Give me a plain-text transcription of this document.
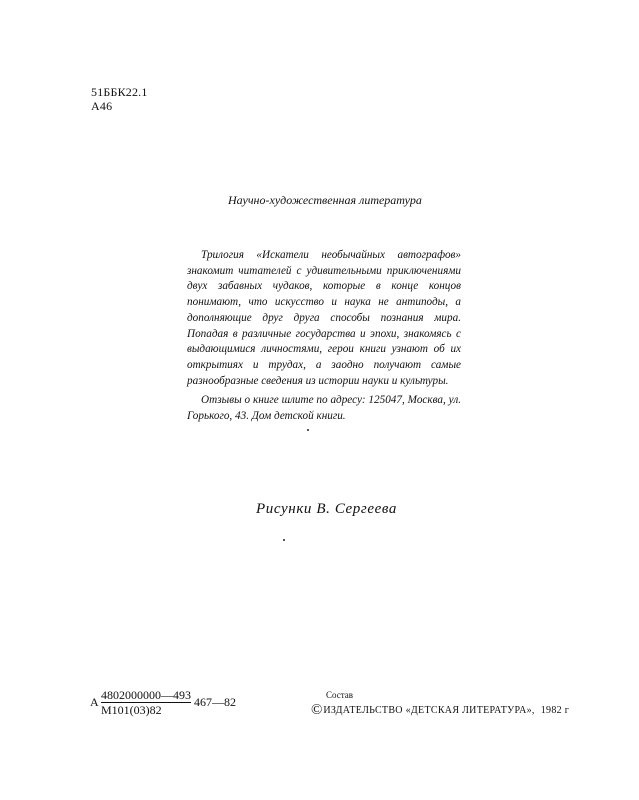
51ББК22.1
А46
Научно-художественная литература

Трилогия «Искатели необычайных автографов» знакомит читателей с удивительными приключениями двух забавных чудаков, которые в конце концов понимают, что искусство и наука не антиподы, а дополняющие друг друга способы познания мира. Попадая в различные государства и эпохи, знакомясь с выдающимися личностями, герои книги узнают об их открытиях и трудах, а заодно получают самые разнообразные сведения из истории науки и культуры.

Отзывы о книге шлите по адресу: 125047, Москва, ул. Горького, 43. Дом детской книги.

Рисунки В. Сергеева
А 4802000000—493
М101(03)82
467—82	Состав
© ИЗДАТЕЛЬСТВО «ДЕТСКАЯ ЛИТЕРАТУРА», 1982 г
